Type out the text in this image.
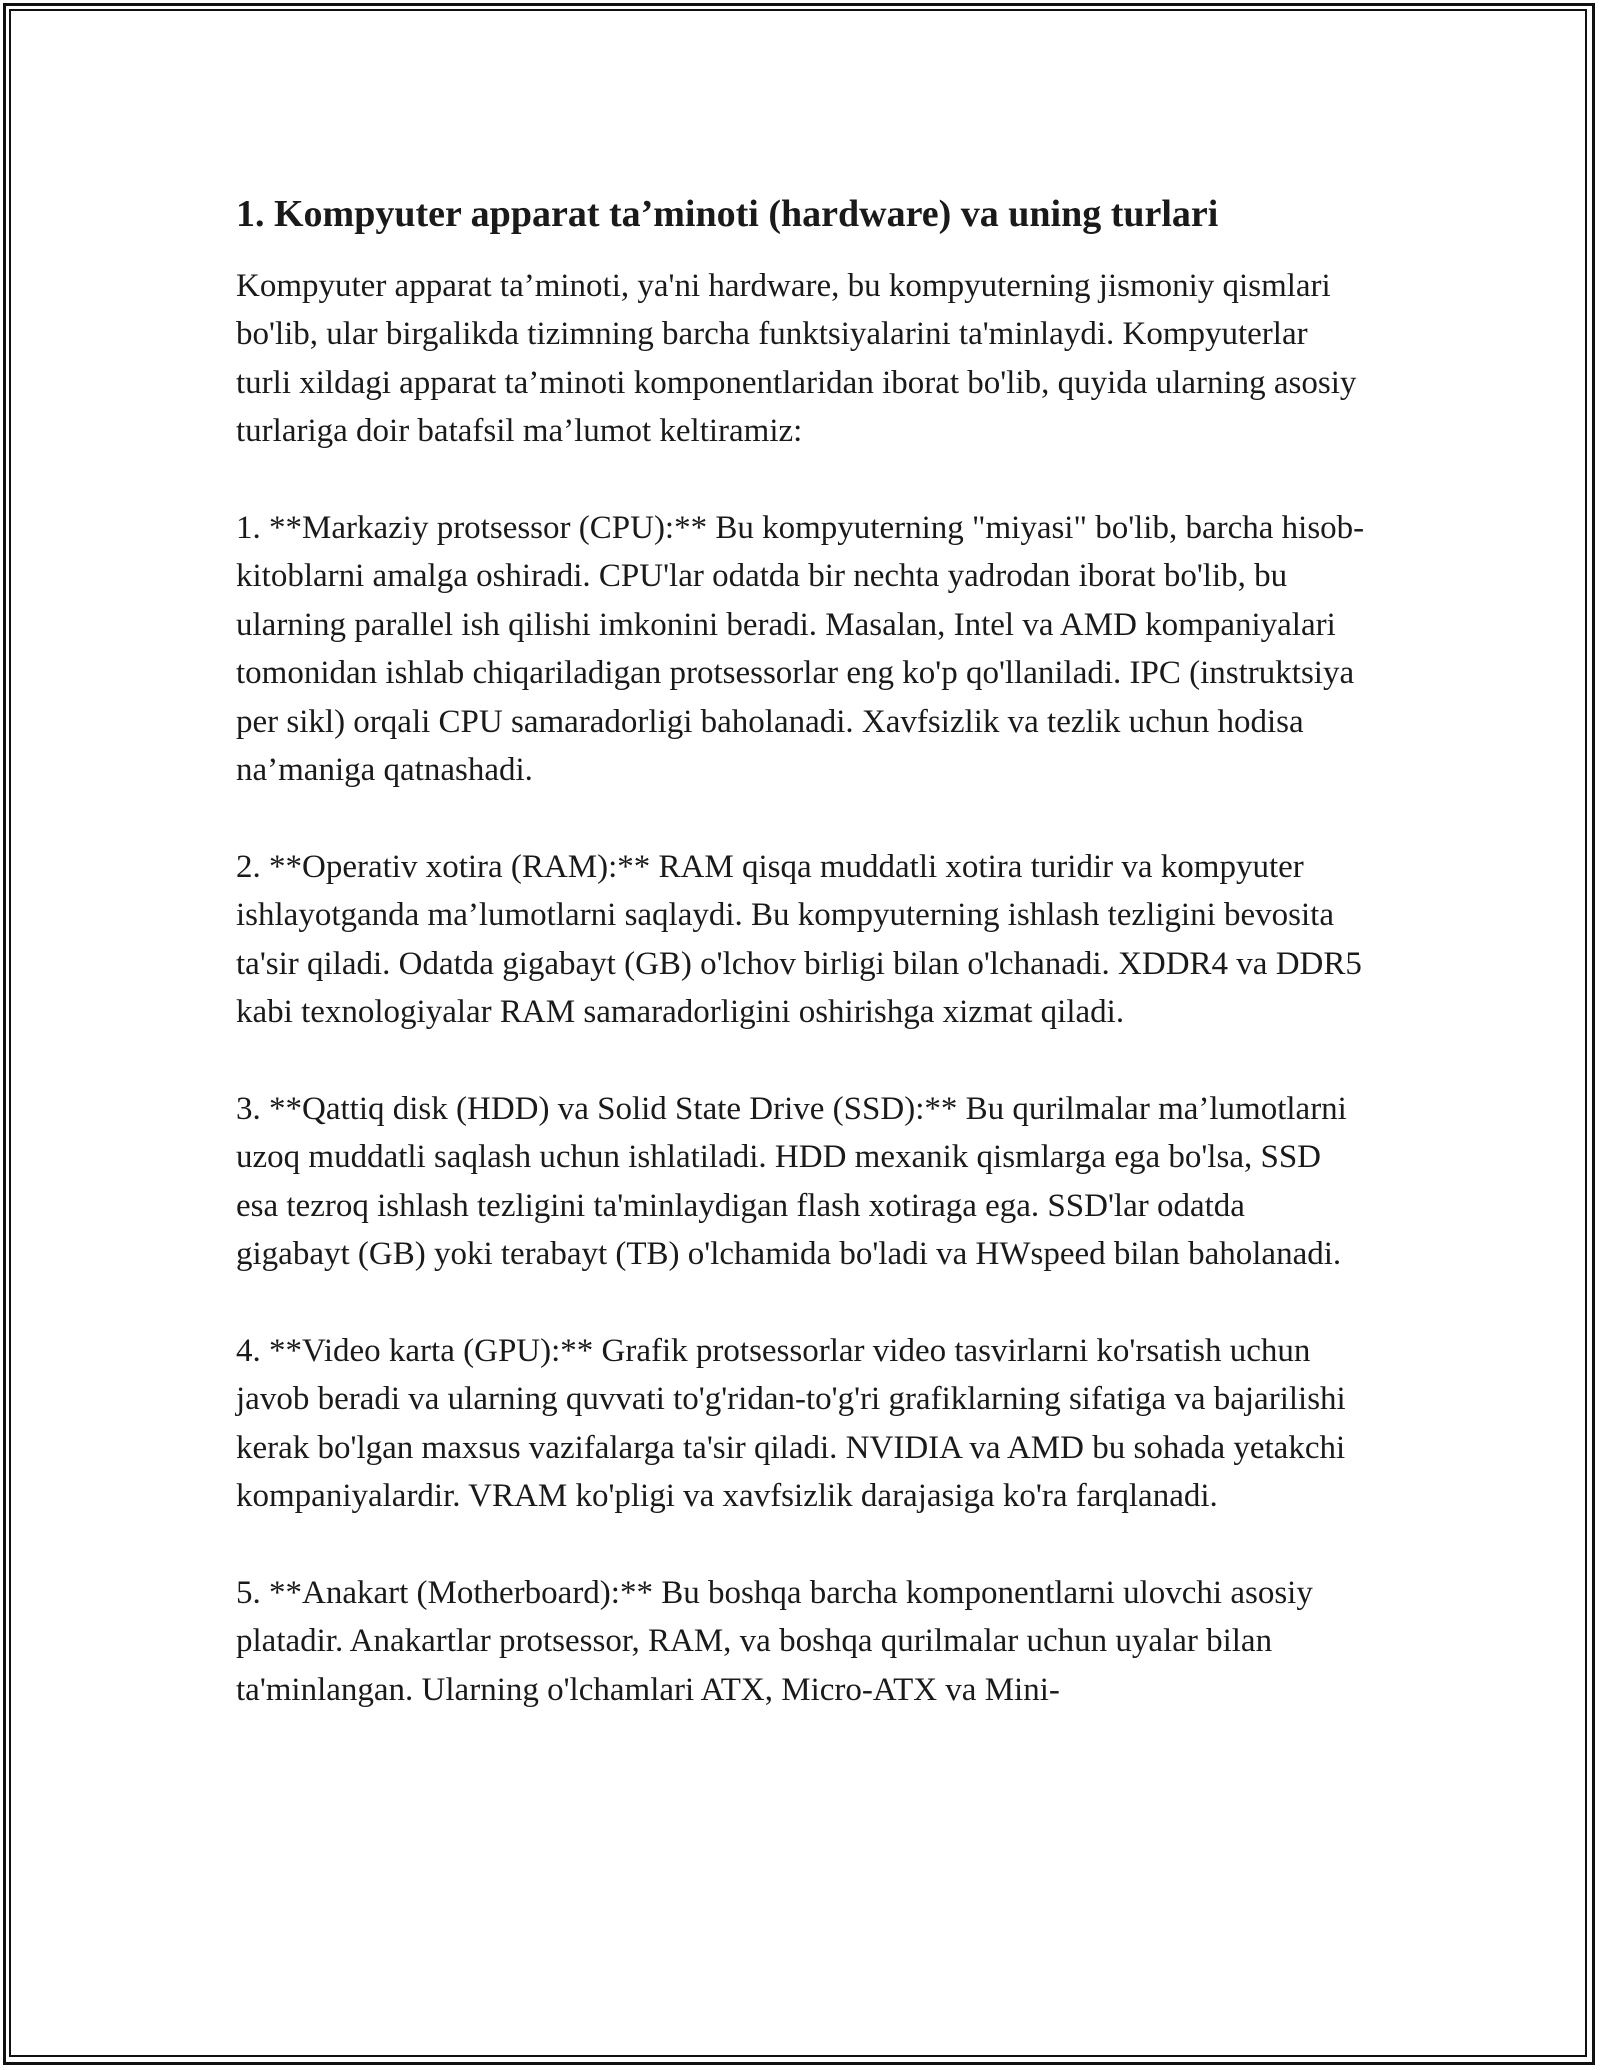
1. Kompyuter apparat ta’minoti (hardware) va uning turlari

Kompyuter apparat ta’minoti, ya'ni hardware, bu kompyuterning jismoniy qismlari bo'lib, ular birgalikda tizimning barcha funktsiyalarini ta'minlaydi. Kompyuterlar turli xildagi apparat ta’minoti komponentlaridan iborat bo'lib, quyida ularning asosiy turlariga doir batafsil ma’lumot keltiramiz:

1. **Markaziy protsessor (CPU):** Bu kompyuterning "miyasi" bo'lib, barcha hisob-kitoblarni amalga oshiradi. CPU'lar odatda bir nechta yadrodan iborat bo'lib, bu ularning parallel ish qilishi imkonini beradi. Masalan, Intel va AMD kompaniyalari tomonidan ishlab chiqariladigan protsessorlar eng ko'p qo'llaniladi. IPC (instruktsiya per sikl) orqali CPU samaradorligi baholanadi. Xavfsizlik va tezlik uchun hodisa na’maniga qatnashadi.

2. **Operativ xotira (RAM):** RAM qisqa muddatli xotira turidir va kompyuter ishlayotganda ma’lumotlarni saqlaydi. Bu kompyuterning ishlash tezligini bevosita ta'sir qiladi. Odatda gigabayt (GB) o'lchov birligi bilan o'lchanadi. XDDR4 va DDR5 kabi texnologiyalar RAM samaradorligini oshirishga xizmat qiladi.

3. **Qattiq disk (HDD) va Solid State Drive (SSD):** Bu qurilmalar ma’lumotlarni uzoq muddatli saqlash uchun ishlatiladi. HDD mexanik qismlarga ega bo'lsa, SSD esa tezroq ishlash tezligini ta'minlaydigan flash xotiraga ega. SSD'lar odatda gigabayt (GB) yoki terabayt (TB) o'lchamida bo'ladi va HWspeed bilan baholanadi.

4. **Video karta (GPU):** Grafik protsessorlar video tasvirlarni ko'rsatish uchun javob beradi va ularning quvvati to'g'ridan-to'g'ri grafiklarning sifatiga va bajarilishi kerak bo'lgan maxsus vazifalarga ta'sir qiladi. NVIDIA va AMD bu sohada yetakchi kompaniyalardir. VRAM ko'pligi va xavfsizlik darajasiga ko'ra farqlanadi.

5. **Anakart (Motherboard):** Bu boshqa barcha komponentlarni ulovchi asosiy platadir. Anakartlar protsessor, RAM, va boshqa qurilmalar uchun uyalar bilan ta'minlangan. Ularning o'lchamlari ATX, Micro-ATX va Mini-
